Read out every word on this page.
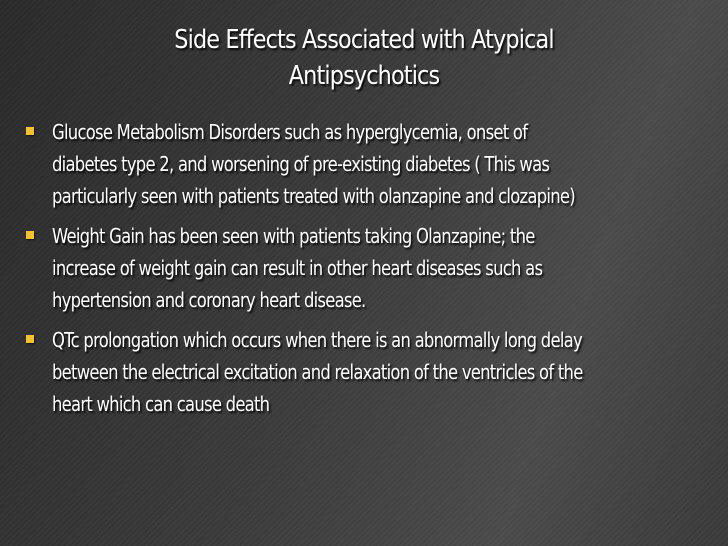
Side Effects Associated with Atypical
Antipsychotics
Glucose Metabolism Disorders such as hyperglycemia, onset of
diabetes type 2, and worsening of pre-existing diabetes ( This was
particularly seen with patients treated with olanzapine and clozapine)
Weight Gain has been seen with patients taking Olanzapine; the
increase of weight gain can result in other heart diseases such as
hypertension and coronary heart disease.
QTc prolongation which occurs when there is an abnormally long delay
between the electrical excitation and relaxation of the ventricles of the
heart which can cause death
